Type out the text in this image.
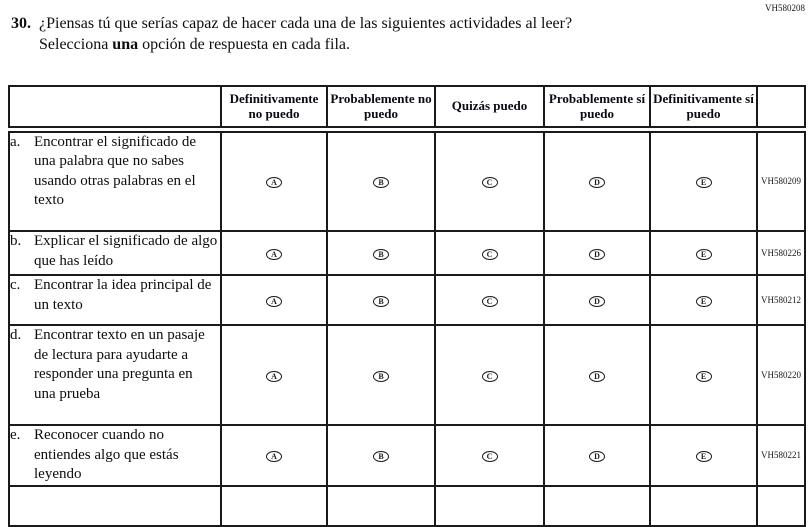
VH580208
30. ¿Piensas tú que serías capaz de hacer cada una de las siguientes actividades al leer?
Selecciona una opción de respuesta en cada fila.
	Definitivamente no puedo	Probablemente no puedo	Quizás puedo	Probablemente sí puedo	Definitivamente sí puedo	

a. Encontrar el significado de una palabra que no sabes usando otras palabras en el texto	A	B	C	D	E	VH580209

b. Explicar el significado de algo que has leído	A	B	C	D	E	VH580226

c. Encontrar la idea principal de un texto	A	B	C	D	E	VH580212

d. Encontrar texto en un pasaje de lectura para ayudarte a responder una pregunta en una prueba	A	B	C	D	E	VH580220

e. Reconocer cuando no entiendes algo que estás leyendo	A	B	C	D	E	VH580221
